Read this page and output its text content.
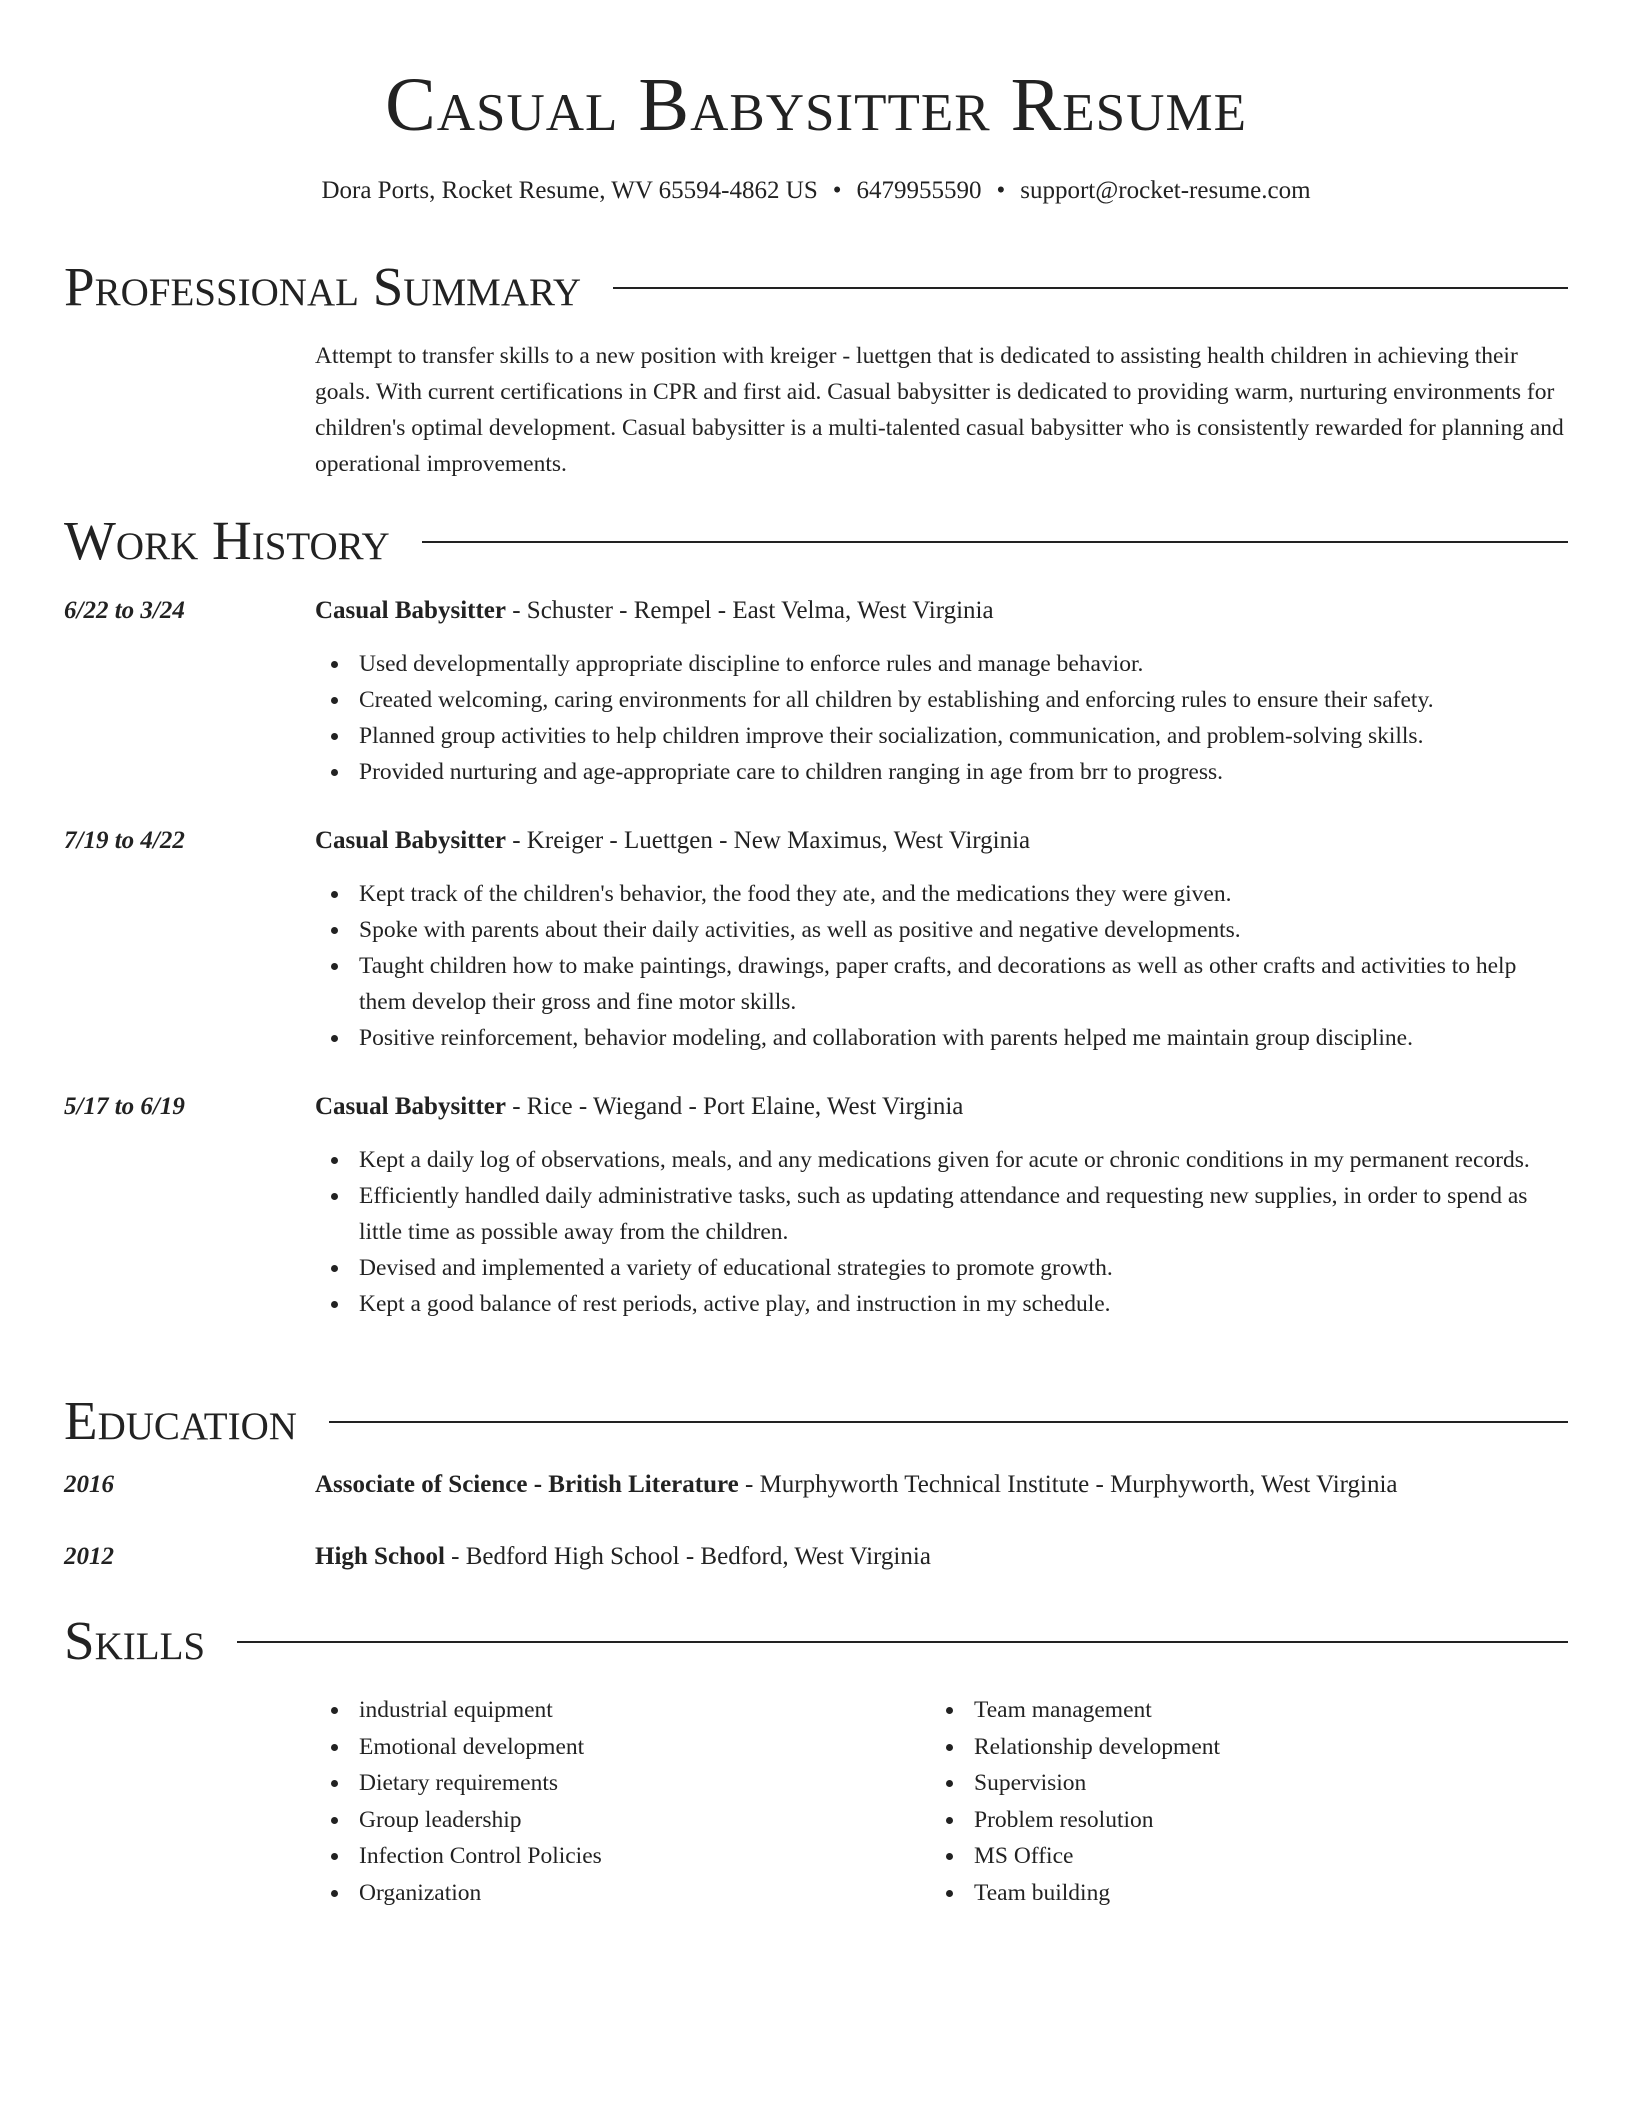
Casual Babysitter Resume
Dora Ports, Rocket Resume, WV 65594-4862 US • 6479955590 • support@rocket-resume.com
Professional Summary

Attempt to transfer skills to a new position with kreiger - luettgen that is dedicated to assisting health children in achieving their goals. With current certifications in CPR and first aid. Casual babysitter is dedicated to providing warm, nurturing environments for children's optimal development. Casual babysitter is a multi-talented casual babysitter who is consistently rewarded for planning and operational improvements.

Work History
6/22 to 3/24	Casual Babysitter - Schuster - Rempel - East Velma, West Virginia
Used developmentally appropriate discipline to enforce rules and manage behavior.
Created welcoming, caring environments for all children by establishing and enforcing rules to ensure their safety.
Planned group activities to help children improve their socialization, communication, and problem-solving skills.
Provided nurturing and age-appropriate care to children ranging in age from brr to progress.
7/19 to 4/22	Casual Babysitter - Kreiger - Luettgen - New Maximus, West Virginia
Kept track of the children's behavior, the food they ate, and the medications they were given.
Spoke with parents about their daily activities, as well as positive and negative developments.
Taught children how to make paintings, drawings, paper crafts, and decorations as well as other crafts and activities to help them develop their gross and fine motor skills.
Positive reinforcement, behavior modeling, and collaboration with parents helped me maintain group discipline.
5/17 to 6/19	Casual Babysitter - Rice - Wiegand - Port Elaine, West Virginia
Kept a daily log of observations, meals, and any medications given for acute or chronic conditions in my permanent records.
Efficiently handled daily administrative tasks, such as updating attendance and requesting new supplies, in order to spend as little time as possible away from the children.
Devised and implemented a variety of educational strategies to promote growth.
Kept a good balance of rest periods, active play, and instruction in my schedule.
Education
2016	Associate of Science - British Literature - Murphyworth Technical Institute - Murphyworth, West Virginia
2012	High School - Bedford High School - Bedford, West Virginia
Skills
industrial equipment
Emotional development
Dietary requirements
Group leadership
Infection Control Policies
Organization
Team management
Relationship development
Supervision
Problem resolution
MS Office
Team building
